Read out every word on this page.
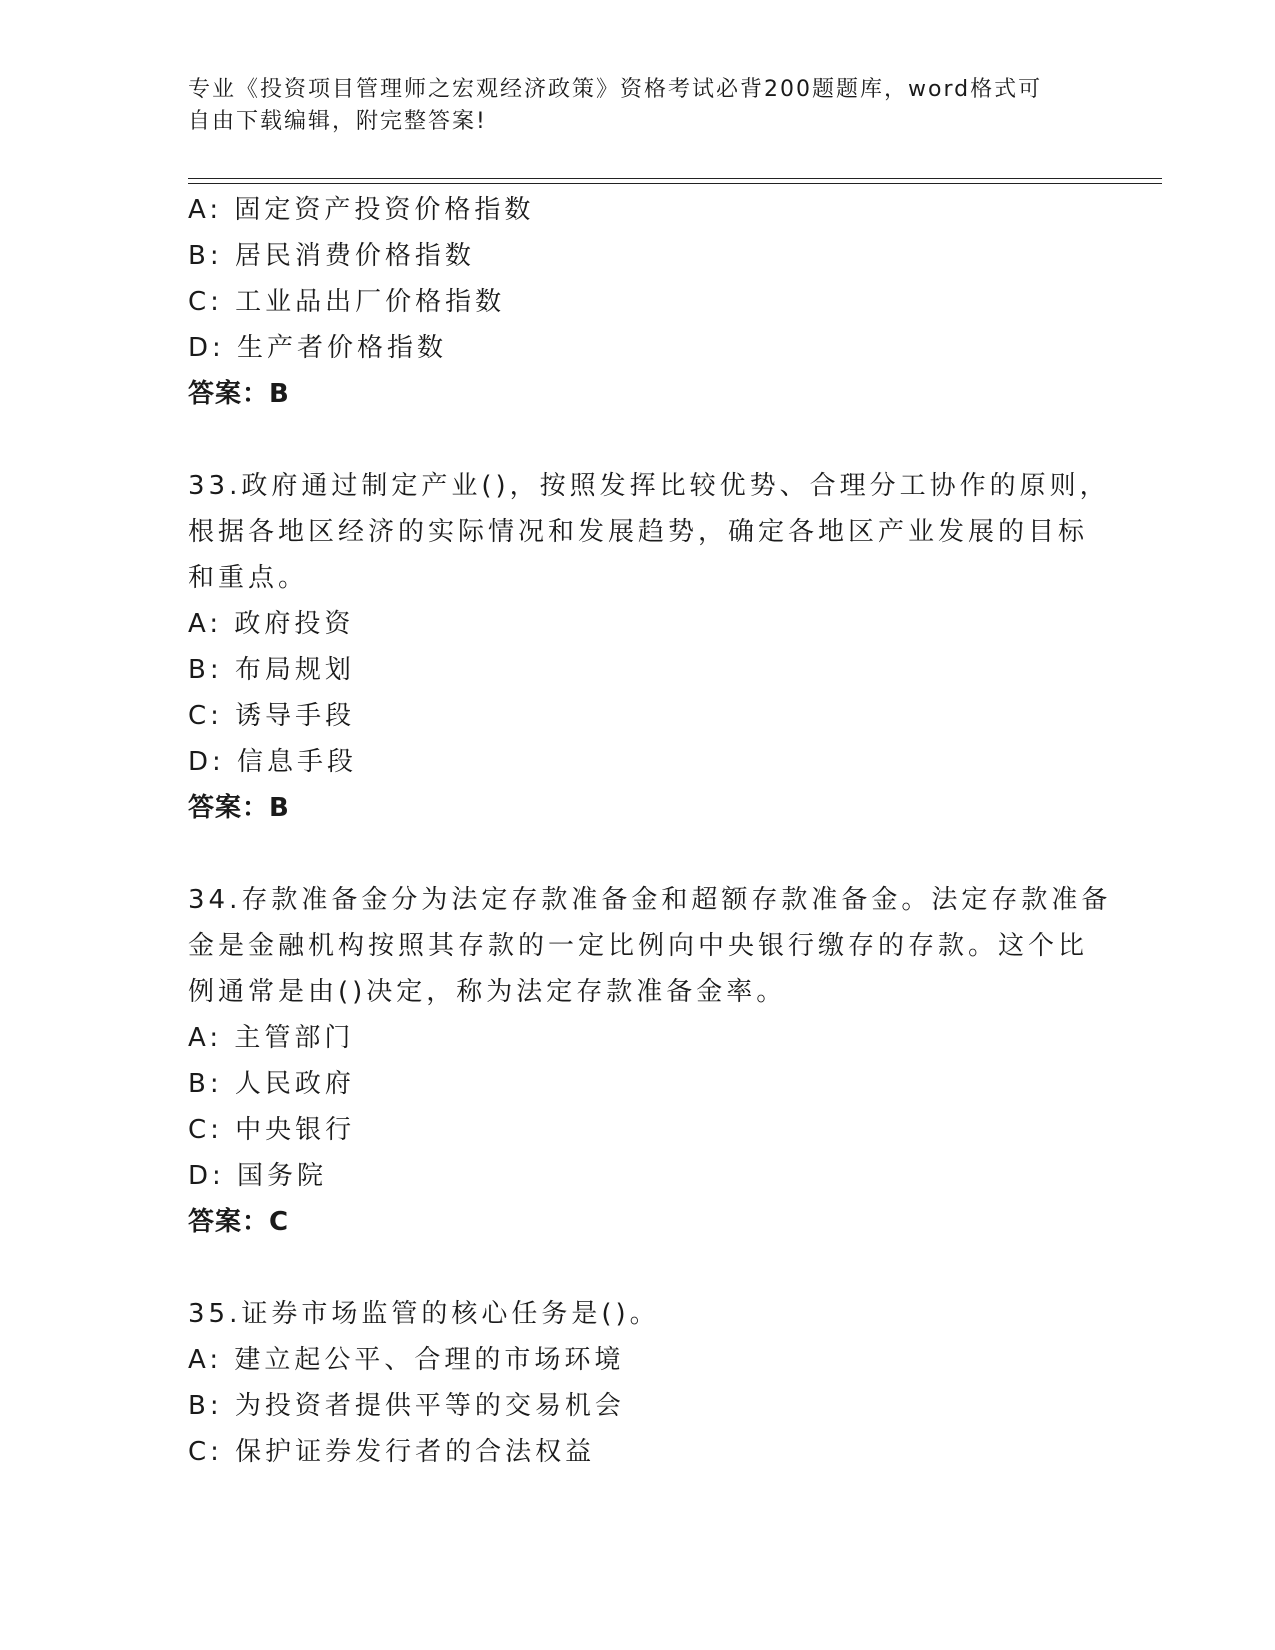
专业《投资项目管理师之宏观经济政策》资格考试必背200题题库，word格式可
自由下载编辑，附完整答案!
A: 固定资产投资价格指数
B: 居民消费价格指数
C: 工业品出厂价格指数
D: 生产者价格指数
答案：B
33.政府通过制定产业()，按照发挥比较优势、合理分工协作的原则，
根据各地区经济的实际情况和发展趋势，确定各地区产业发展的目标
和重点。
A: 政府投资
B: 布局规划
C: 诱导手段
D: 信息手段
答案：B
34.存款准备金分为法定存款准备金和超额存款准备金。法定存款准备
金是金融机构按照其存款的一定比例向中央银行缴存的存款。这个比
例通常是由()决定，称为法定存款准备金率。
A: 主管部门
B: 人民政府
C: 中央银行
D: 国务院
答案：C
35.证券市场监管的核心任务是()。
A: 建立起公平、合理的市场环境
B: 为投资者提供平等的交易机会
C: 保护证券发行者的合法权益
